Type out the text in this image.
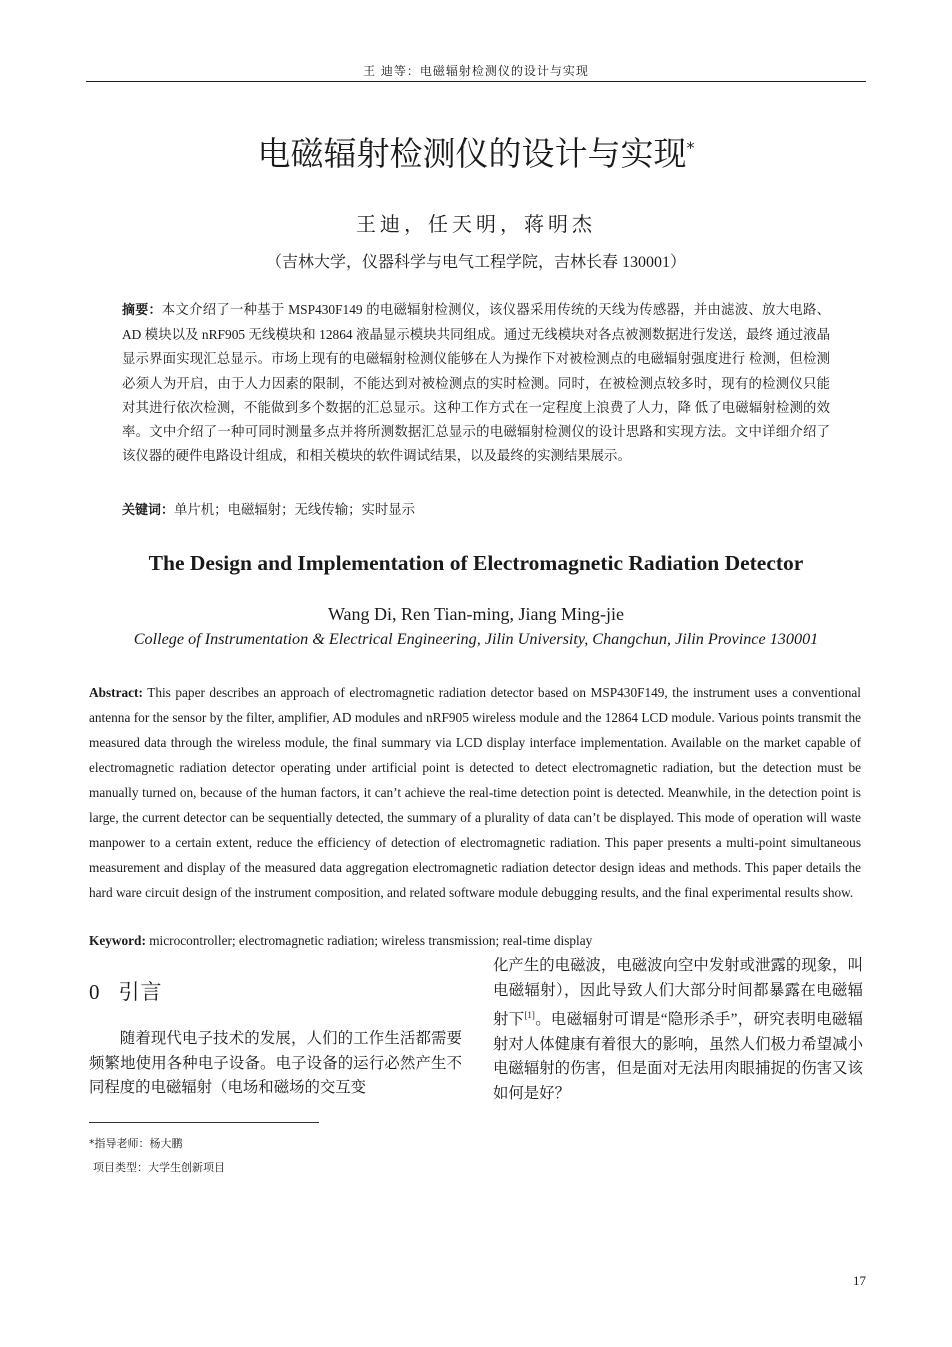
王 迪等：电磁辐射检测仪的设计与实现
电磁辐射检测仪的设计与实现*
王迪，任天明，蒋明杰
（吉林大学，仪器科学与电气工程学院，吉林长春 130001）
摘要：本文介绍了一种基于 MSP430F149 的电磁辐射检测仪，该仪器采用传统的天线为传感器，并由滤波、放大电路、AD 模块以及 nRF905 无线模块和 12864 液晶显示模块共同组成。通过无线模块对各点被测数据进行发送，最终 通过液晶显示界面实现汇总显示。市场上现有的电磁辐射检测仪能够在人为操作下对被检测点的电磁辐射强度进行 检测，但检测必须人为开启，由于人力因素的限制，不能达到对被检测点的实时检测。同时，在被检测点较多时，现有的检测仪只能对其进行依次检测，不能做到多个数据的汇总显示。这种工作方式在一定程度上浪费了人力，降 低了电磁辐射检测的效率。文中介绍了一种可同时测量多点并将所测数据汇总显示的电磁辐射检测仪的设计思路和实现方法。文中详细介绍了该仪器的硬件电路设计组成，和相关模块的软件调试结果，以及最终的实测结果展示。
关键词：单片机；电磁辐射；无线传输；实时显示
The Design and Implementation of Electromagnetic Radiation Detector
Wang Di, Ren Tian-ming, Jiang Ming-jie
College of Instrumentation & Electrical Engineering, Jilin University, Changchun, Jilin Province 130001
Abstract: This paper describes an approach of electromagnetic radiation detector based on MSP430F149, the instrument uses a conventional antenna for the sensor by the filter, amplifier, AD modules and nRF905 wireless module and the 12864 LCD module. Various points transmit the measured data through the wireless module, the final summary via LCD display interface implementation. Available on the market capable of electromagnetic radiation detector operating under artificial point is detected to detect electromagnetic radiation, but the detection must be manually turned on, because of the human factors, it can’t achieve the real-time detection point is detected. Meanwhile, in the detection point is large, the current detector can be sequentially detected, the summary of a plurality of data can’t be displayed. This mode of operation will waste manpower to a certain extent, reduce the efficiency of detection of electromagnetic radiation. This paper presents a multi-point simultaneous measurement and display of the measured data aggregation electromagnetic radiation detector design ideas and methods. This paper details the hard ware circuit design of the instrument composition, and related software module debugging results, and the final experimental results show.
Keyword: microcontroller; electromagnetic radiation; wireless transmission; real-time display
0 引言

随着现代电子技术的发展，人们的工作生活都需要频繁地使用各种电子设备。电子设备的运行必然产生不同程度的电磁辐射（电场和磁场的交互变

化产生的电磁波，电磁波向空中发射或泄露的现象，叫电磁辐射），因此导致人们大部分时间都暴露在电磁辐射下[1]。电磁辐射可谓是“隐形杀手”，研究表明电磁辐射对人体健康有着很大的影响，虽然人们极力希望减小电磁辐射的伤害，但是面对无法用肉眼捕捉的伤害又该如何是好？

*指导老师：杨大鹏
项目类型：大学生创新项目
17
